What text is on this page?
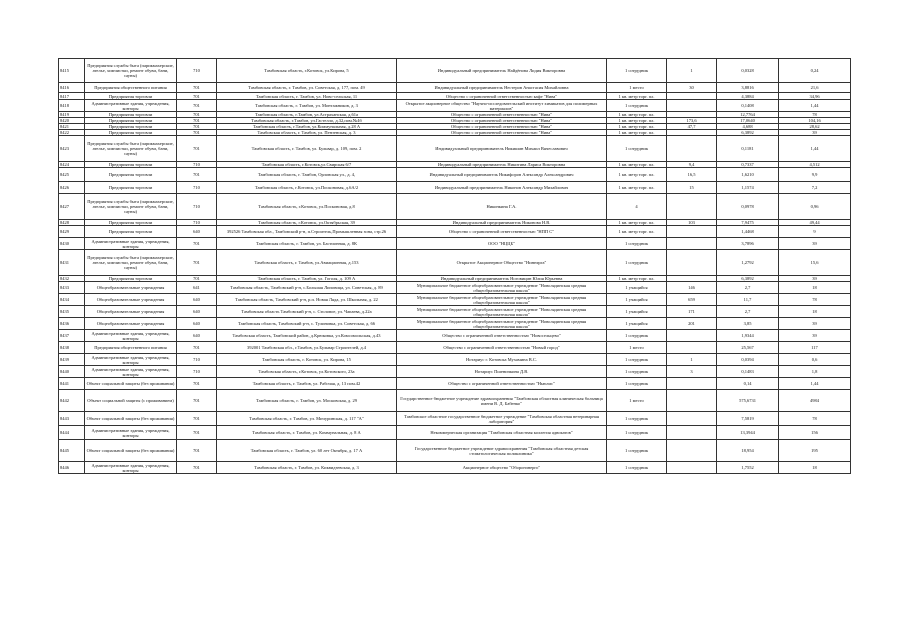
8415	Предприятия службы быта (парикмахерские, ателье, химчистки, ремонт обуви, бани, сауны)	710	Тамбовская область, г.Котовск, ул.Кирова, 5	Индивидуальный предприниматель Найдёнова Лидия Викторовна	1 сотрудник	1	0,0328	0,24
8416	Предприятия общественного питания	701	Тамбовская область, г. Тамбов, ул. Советская, д. 177, пом. 49	Индивидуальный предприниматель Нестеров Анастасия Михайловна	1 место	30	3,8816	21,6
8417	Предприятия торговли	701	Тамбовская область, г. Тамбов, ул. Ново-сельская, 11	Общество с ограниченной ответственностью кафе "Нива"	1 кв. метр торг. пл.		4,3884	34,96
8418	Административные здания, учреждения, конторы	701	Тамбовская область, г. Тамбов, ул. Монтажников, д. 3	Открытое акционерное общество "Научно-исследовательский институт химикатов для полимерных материалов"	1 сотрудник		0,1408	1,44
8419	Предприятия торговли	701	Тамбовская область, г.Тамбов, ул.Астраханская, д.61а	Общество с ограниченной ответственностью "Нива"	1 кв. метр торг. пл.		12,7764	78
8420	Предприятия торговли	701	Тамбовская область, г.Тамбов, ул.Гастелло, д.32,пом.№4б	Общество с ограниченной ответственностью "Нива"	1 кв. метр торг. пл.	173,6	17,0640	104,16
8421	Предприятия торговли	701	Тамбовская область, г.Тамбов, ул.Коммунальная, д.28 А	Общество с ограниченной ответственностью "Нива"	1 кв. метр торг. пл.	47,7	4,688	28,62
8422	Предприятия торговли	701	Тамбовская область, г. Тамбов, ул. Пензенская, д. 3	Общество с ограниченной ответственностью "Нива"	1 кв. метр торг. пл.		6,3892	39
8423	Предприятия службы быта (парикмахерские, ателье, химчистки, ремонт обуви, бани, сауны)	701	Тамбовская область, г. Тамбов, ул. Бульвар, д. 109, пом. 2	Индивидуальный предприниматель Никишин Михаил Вячеславович	1 сотрудник		0,1181	1,44
8424	Предприятия торговли	710	Тамбовская область, г.Котовск,ул.Свирская 6/7	Индивидуальный предприниматель Никитина Лариса Викторовна	1 кв. метр торг. пл.	9,4	0,7337	4,512
8425	Предприятия торговли	701	Тамбовская область, г. Тамбов, Орловская ул., д. 4,	Индивидуальный предприниматель Никифоров Александр Александрович	1 кв. метр торг. пл.	16,5	1,6210	9,9
8426	Предприятия торговли	710	Тамбовская область, г.Котовск, ул.Посконовая, д.6А/2	Индивидуальный предприниматель Никонов Александр Михайлович	1 кв. метр торг. пл.	15	1,1574	7,2
8427	Предприятия службы быта (парикмахерские, ателье, химчистки, ремонт обуви, бани, сауны)	710	Тамбовская область, г.Котовск, ул.Посконовая, д.8	Никонкина Г.А.	4		0,0978	0,96
8428	Предприятия торговли	710	Тамбовская область, г.Котовск, ул.Октябрьская, 39	Индивидуальный предприниматель Никонова Н.В.	1 кв. метр торг. пл.	103	7,9475	49,44
8429	Предприятия торговли	640	392526 Тамбовская обл., Тамбовский р-н, п.Строитель,Промышленная зона, стр.26	Общество с ограниченной ответственностью "НПП С"	1 кв. метр торг. пл.		1,4468	9
8430	Административные здания, учреждения, конторы	701	Тамбовская область, г. Тамбов, ул. Бастионная, д. 8К	ООО "НЦЦБ"	1 сотрудник		3,7896	39
8431	Предприятия службы быта (парикмахерские, ателье, химчистки, ремонт обуви, бани, сауны)	701	Тамбовская область, г. Тамбов, ул.Авиационная, д.153	Открытое Акционерное Общество "Ниннэрга"	1 сотрудник		1,2792	15,6
8432	Предприятия торговли	701	Тамбовская область, г. Тамбов, ул. Гоголя, д. 109 А	Индивидуальный предприниматель Ноговицин Юлия Юрьевна	1 кв. метр торг. пл.		6,3892	39
8433	Общеобразовательные учреждения	641	Тамбовская область, Тамбовский р-н, с.Большая Липовица, ул. Советская, д. 89	Муниципальное бюджетное общеобразовательное учреждение "Новолядинская средняя общеобразовательная школа"	1 учащийся	146	2,7	18
8434	Общеобразовательные учреждения	640	Тамбовская область, Тамбовский р-н, р.п. Новая Ляда, ул. Школьная, д. 22	Муниципальное бюджетное общеобразовательное учреждение "Новолядинская средняя общеобразовательная школа"	1 учащийся	659	11,7	78
8435	Общеобразовательные учреждения	640	Тамбовская область Тамбовский р-н, с. Столовое, ул. Чапаева, д.22а	Муниципальное бюджетное общеобразовательное учреждение "Новолядинская средняя общеобразовательная школа"	1 учащийся	171	2,7	18
8436	Общеобразовательные учреждения	640	Тамбовская область, Тамбовский р-н, с. Тулиновка, ул. Советская, д. 66	Муниципальное бюджетное общеобразовательное учреждение "Новолядинская средняя общеобразовательная школа"	1 учащийся	201	3,85	39
8437	Административные здания, учреждения, конторы	640	Тамбовская область, Тамбовский район, д.Крюковка, ул.Комсомольская, д.43	Общество с ограниченной ответственностью "Новосельцево"	1 сотрудник		1,9344	39
8438	Предприятия общественного питания	701	392001 Тамбовская обл., г.Тамбов, ул.Бульвар Строителей, д.4	Общество с ограниченной ответственностью "Новый город"	1 место		25,567	117
8439	Административные здания, учреждения, конторы	710	Тамбовская область, г. Котовск, ул. Кирова, 15	Нотариус г. Котовска Мухамина В.С.	1 сотрудник	1	0,0394	0,6
8440	Административные здания, учреждения, конторы	710	Тамбовская область, г.Котовск, ул.Котовского, 23а	Нотариус Пшеничкина Д.В.	1 сотрудник	3	0,1483	1,8
8441	Объект социальной защиты (без проживания)	701	Тамбовская область, г. Тамбов, ул. Рабочая, д. 13 пом.42	Общество с ограниченной ответственностью "Ньюлис"	1 сотрудник		0,14	1,44
8442	Объект социальной защиты (с проживанием)	701	Тамбовская область, г. Тамбов, ул. Московская, д. 29	Государственное бюджетное учреждение здравоохранения "Тамбовская областная клиническая больница имени В. Д. Бабенко"	1 место		575,6731	4984
8443	Объект социальной защиты (без проживания)	701	Тамбовская область, г. Тамбов, ул. Мичуринская, д. 117 "А"	Тамбовское областное государственное бюджетное учреждение "Тамбовская областная ветеринарная лаборатория"	1 сотрудник		7,5819	78
8444	Административные здания, учреждения, конторы	701	Тамбовская область, г. Тамбов, ул. Коммунальная, д. 8 А	Некоммерческая организация "Тамбовская областная коллегия адвокатов"	1 сотрудник		13,3944	156
8445	Объект социальной защиты (без проживания)	701	Тамбовская область, г. Тамбов, ул. 60 лет Октября, д. 17 А	Государственное бюджетное учреждение здравоохранения "Тамбовская областная детская стоматологическая поликлиника"	1 сотрудник		18,954	195
8446	Административные здания, учреждения, конторы	701	Тамбовская область, г. Тамбов, ул. Киквидзевская, д. 3	Акционерное общество "Оборонэнерго"	1 сотрудник		1,7552	18
